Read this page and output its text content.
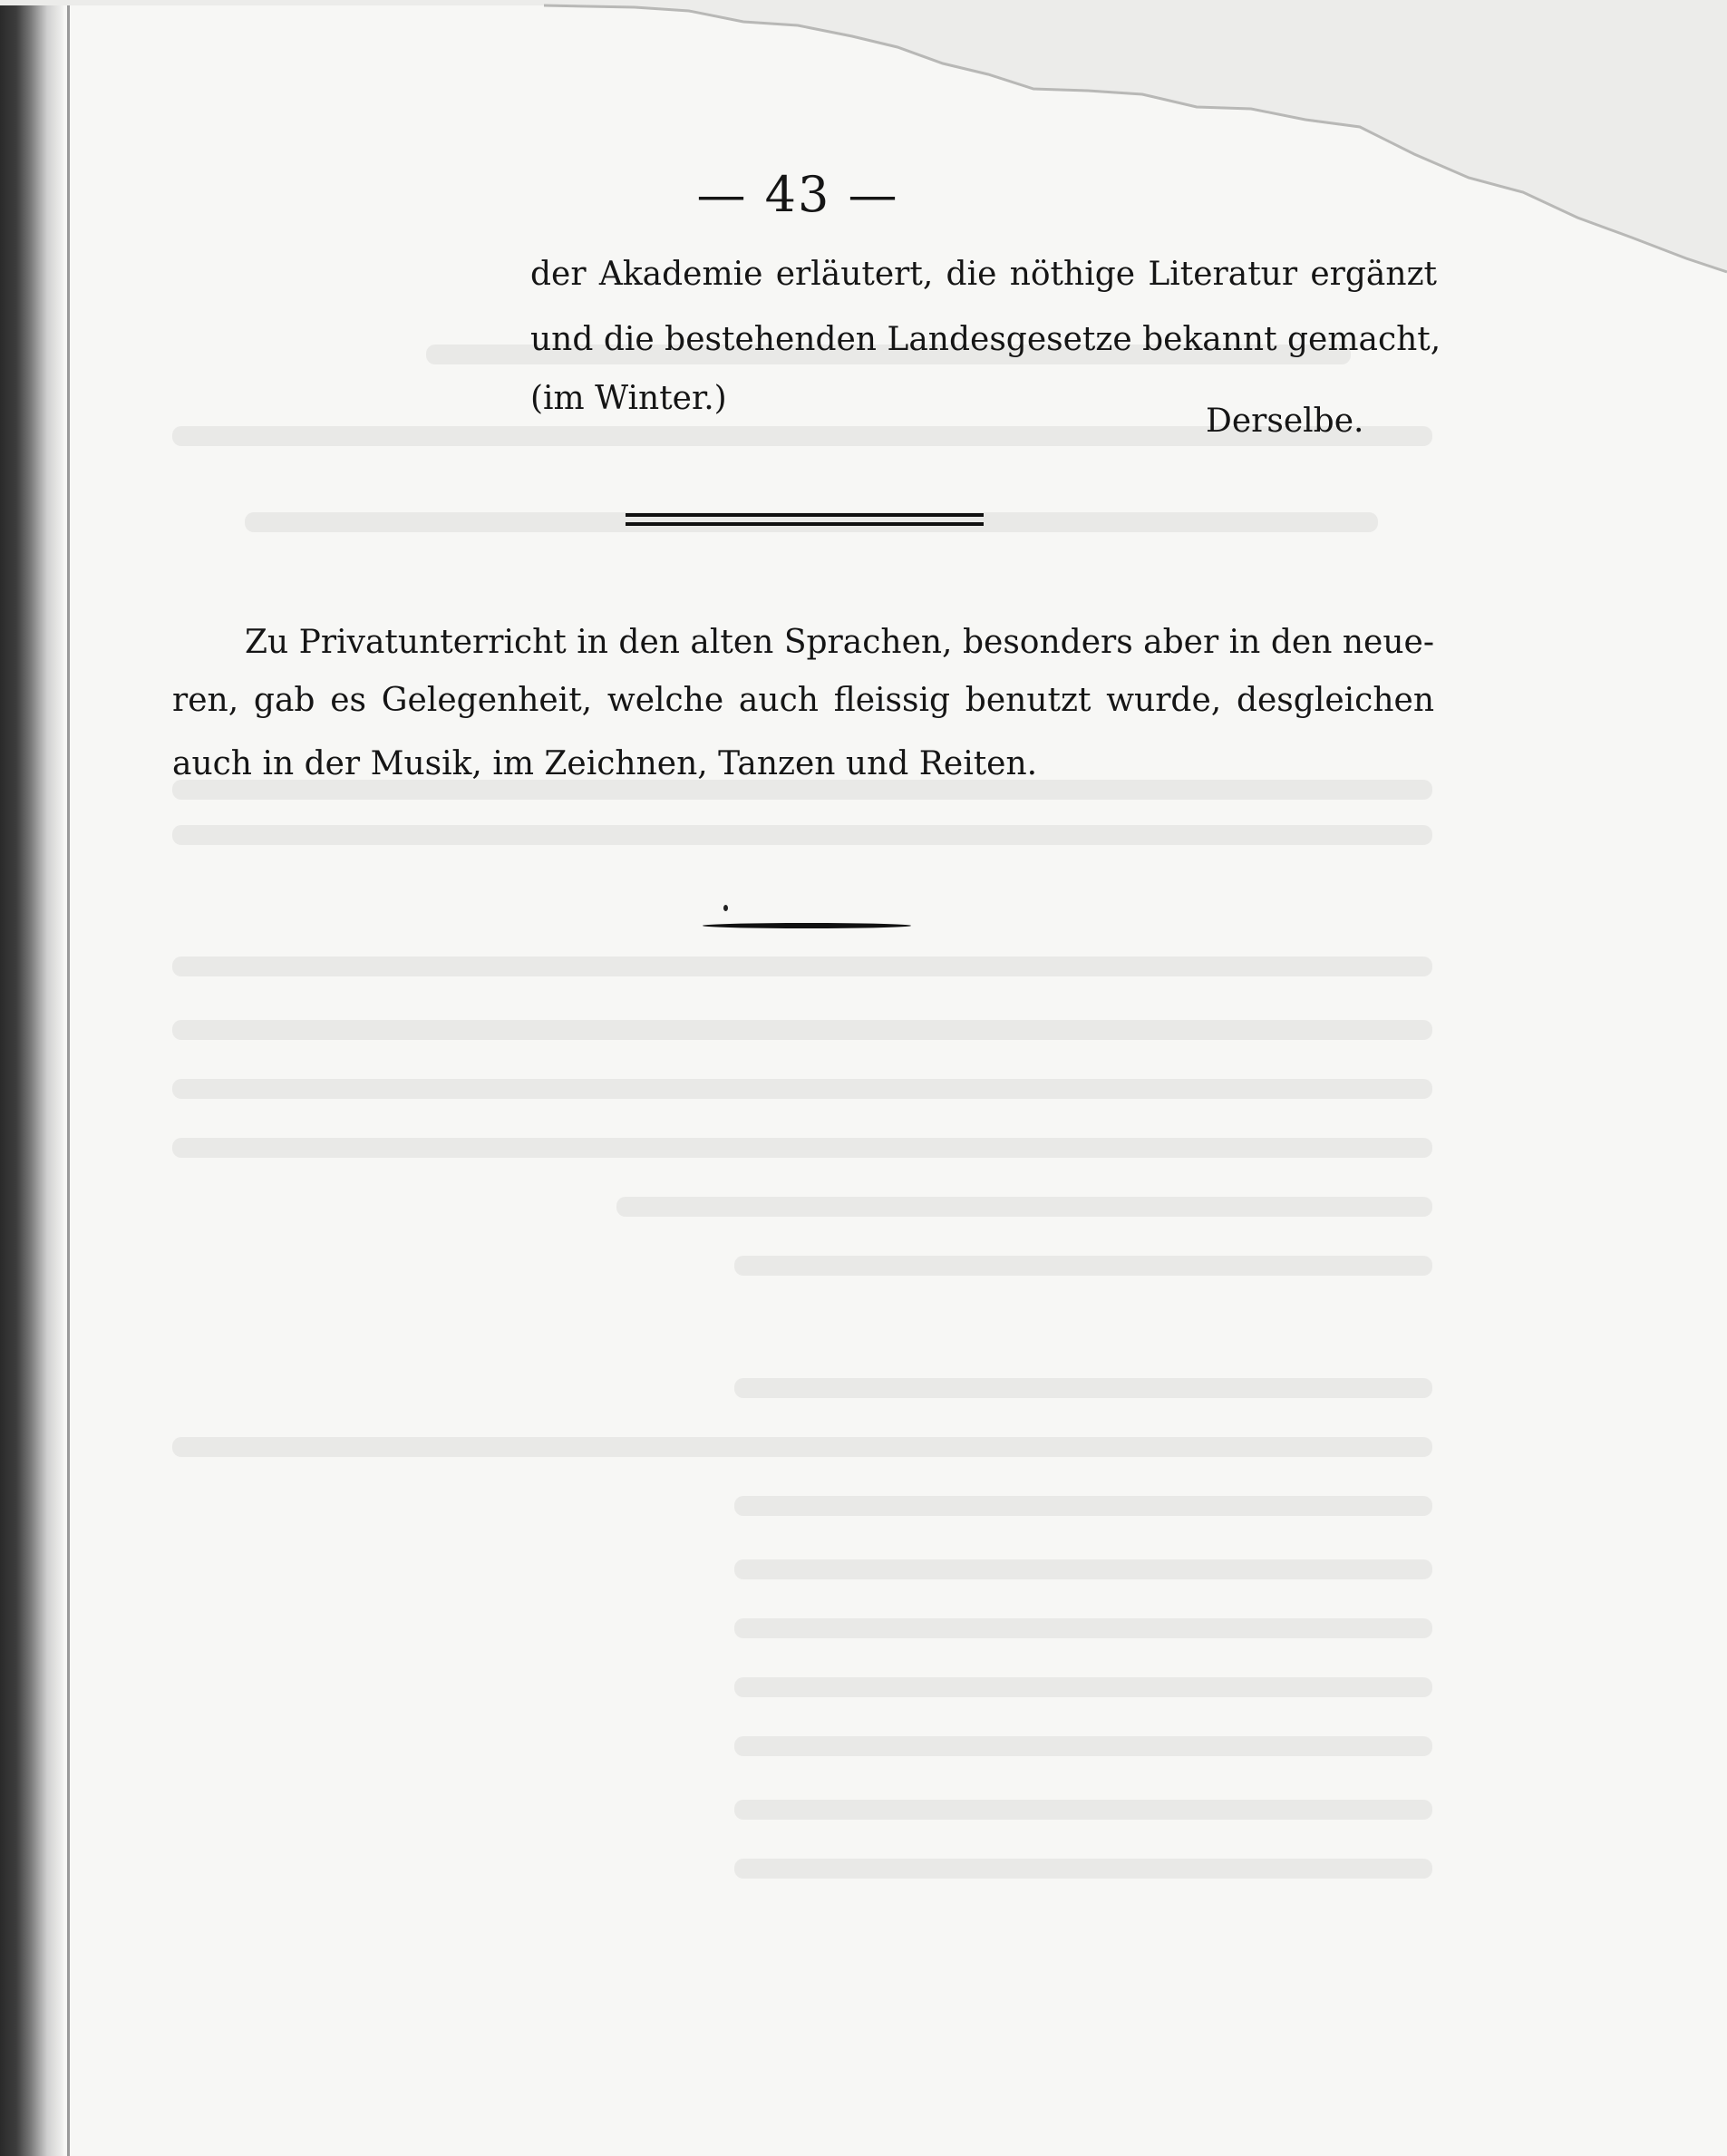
— 43 —
der Akademie erläutert, die nöthige Literatur ergänzt
und die bestehenden Landesgesetze bekannt gemacht,
(im Winter.)
Derselbe.
Zu Privatunterricht in den alten Sprachen, besonders aber in den neue-
ren, gab es Gelegenheit, welche auch fleissig benutzt wurde, desgleichen
auch in der Musik, im Zeichnen, Tanzen und Reiten.
